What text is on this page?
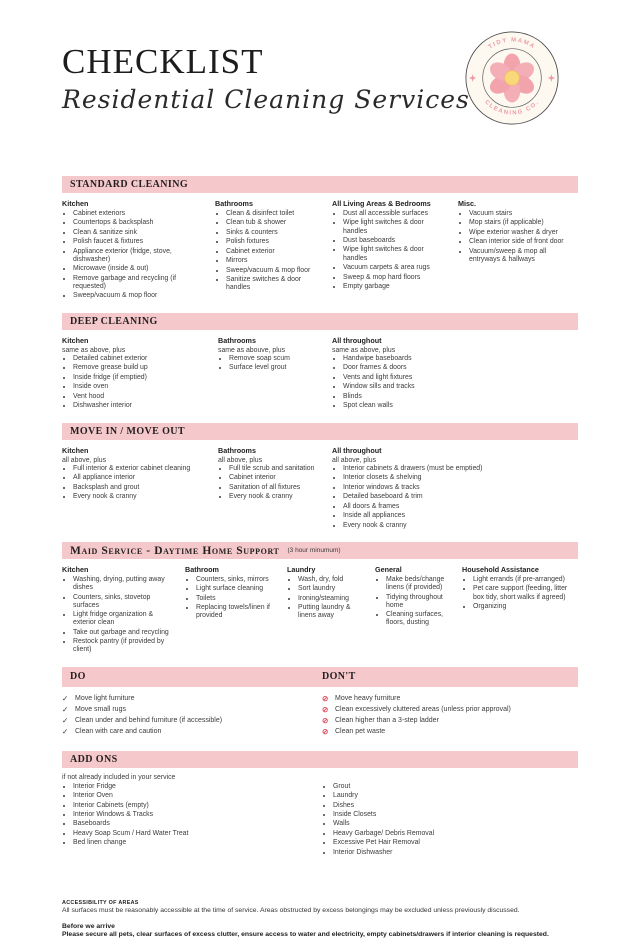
CHECKLIST
Residential Cleaning Services
TIDY MAMA
CLEANING CO.
STANDARD CLEANING
Kitchen
• Cabinet exteriors
• Countertops & backsplash
• Clean & sanitize sink
• Polish faucet & fixtures
• Appliance exterior (fridge, stove, dishwasher)
• Microwave (inside & out)
• Remove garbage and recycling (if requested)
• Sweep/vacuum & mop floor
Bathrooms
• Clean & disinfect toilet
• Clean tub & shower
• Sinks & counters
• Polish fixtures
• Cabinet exterior
• Mirrors
• Sweep/vacuum & mop floor
• Sanitize switches & door handles
All Living Areas & Bedrooms
• Dust all accessible surfaces
• Wipe light switches & door handles
• Dust baseboards
• Wipe light switches & door handles
• Vacuum carpets & area rugs
• Sweep & mop hard floors
• Empty garbage
Misc.
• Vacuum stairs
• Mop stairs (if applicable)
• Wipe exterior washer & dryer
• Clean interior side of front door
• Vacuum/sweep & mop all entryways & hallways
DEEP CLEANING
Kitchen
same as above, plus
• Detailed cabinet exterior
• Remove grease build up
• Inside fridge (if emptied)
• Inside oven
• Vent hood
• Dishwasher interior
Bathrooms
same as abouve, plus
• Remove soap scum
• Surface level grout
All throughout
same as above, plus
• Handwipe baseboards
• Door frames & doors
• Vents and light fixtures
• Window sills and tracks
• Blinds
• Spot clean walls
MOVE IN / MOVE OUT
Kitchen
all above, plus
• Full interior & exterior cabinet cleaning
• All appliance interior
• Backsplash and grout
• Every nook & cranny
Bathrooms
all above, plus
• Full tile scrub and sanitation
• Cabinet interior
• Sanitation of all fixtures
• Every nook & cranny
All throughout
all above, plus
• Interior cabinets & drawers (must be emptied)
• Interior closets & shelving
• Interior windows & tracks
• Detailed baseboard & trim
• All doors & frames
• Inside all appliances
• Every nook & cranny
Maid Service - Daytime Home Support (3 hour minumum)
Kitchen
• Washing, drying, putting away dishes
• Counters, sinks, stovetop surfaces
• Light fridge organization & exterior clean
• Take out garbage and recycling
• Restock pantry (if provided by client)
Bathroom
• Counters, sinks, mirrors
• Light surface cleaning
• Toilets
• Replacing towels/linen if provided
Laundry
• Wash, dry, fold
• Sort laundry
• Ironing/steaming
• Putting laundry & linens away
General
• Make beds/change linens (if provided)
• Tidying throughout home
• Cleaning surfaces, floors, dusting
Household Assistance
• Light errands (if pre-arranged)
• Pet care support (feeding, litter box tidy, short walks if agreed)
• Organizing
DO	DON'T
✓ Move light furniture
✓ Move small rugs
✓ Clean under and behind furniture (if accessible)
✓ Clean with care and caution
⊘ Move heavy furniture
⊘ Clean excessively cluttered areas (unless prior approval)
⊘ Clean higher than a 3-step ladder
⊘ Clean pet waste
ADD ONS
if not already included in your service
• Interior Fridge
• Interior Oven
• Interior Cabinets (empty)
• Interior Windows & Tracks
• Baseboards
• Heavy Soap Scum / Hard Water Treat
• Bed linen change
• Grout
• Laundry
• Dishes
• Inside Closets
• Walls
• Heavy Garbage/ Debris Removal
• Excessive Pet Hair Removal
• Interior Dishwasher
ACCESSIBILITY OF AREAS
All surfaces must be reasonably accessible at the time of service. Areas obstructed by excess belongings may be excluded unless previously discussed.
Before we arrive
Please secure all pets, clear surfaces of excess clutter, ensure access to water and electricity, empty cabinets/drawers if interior cleaning is requested.
